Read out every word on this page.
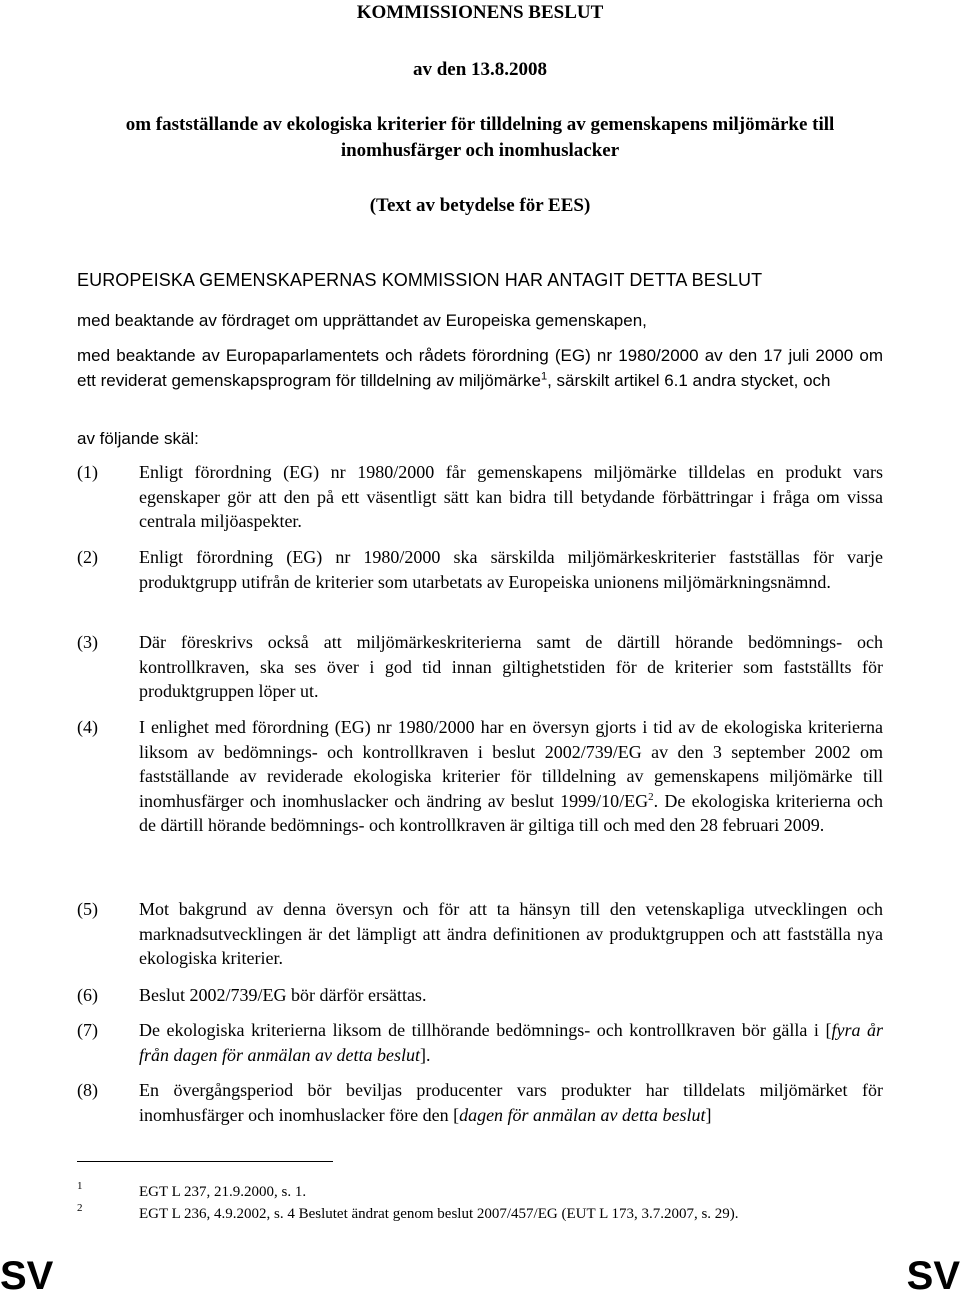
KOMMISSIONENS BESLUT
av den 13.8.2008
om fastställande av ekologiska kriterier för tilldelning av gemenskapens miljömärke till inomhusfärger och inomhuslacker
(Text av betydelse för EES)

EUROPEISKA GEMENSKAPERNAS KOMMISSION HAR ANTAGIT DETTA BESLUT

med beaktande av fördraget om upprättandet av Europeiska gemenskapen,

med beaktande av Europaparlamentets och rådets förordning (EG) nr 1980/2000 av den 17 juli 2000 om ett reviderat gemenskapsprogram för tilldelning av miljömärke$^1$, särskilt artikel 6.1 andra stycket, och

av följande skäl:

(1)	Enligt förordning (EG) nr 1980/2000 får gemenskapens miljömärke tilldelas en produkt vars egenskaper gör att den på ett väsentligt sätt kan bidra till betydande förbättringar i fråga om vissa centrala miljöaspekter.
(2)	Enligt förordning (EG) nr 1980/2000 ska särskilda miljömärkeskriterier fastställas för varje produktgrupp utifrån de kriterier som utarbetats av Europeiska unionens miljömärkningsnämnd.
(3)	Där föreskrivs också att miljömärkeskriterierna samt de därtill hörande bedömnings- och kontrollkraven, ska ses över i god tid innan giltighetstiden för de kriterier som fastställts för produktgruppen löper ut.
(4)	I enlighet med förordning (EG) nr 1980/2000 har en översyn gjorts i tid av de ekologiska kriterierna liksom av bedömnings- och kontrollkraven i beslut 2002/739/EG av den 3 september 2002 om fastställande av reviderade ekologiska kriterier för tilldelning av gemenskapens miljömärke till inomhusfärger och inomhuslacker och ändring av beslut $1999/10/EG^2$. De ekologiska kriterierna och de därtill hörande bedömnings- och kontrollkraven är giltiga till och med den 28 februari 2009.
(5)	Mot bakgrund av denna översyn och för att ta hänsyn till den vetenskapliga utvecklingen och marknadsutvecklingen är det lämpligt att ändra definitionen av produktgruppen och att fastställa nya ekologiska kriterier.
(6)	Beslut 2002/739/EG bör därför ersättas.
(7)	De ekologiska kriterierna liksom de tillhörande bedömnings- och kontrollkraven bör gälla i [fyra år från dagen för anmälan av detta beslut].
(8)	En övergångsperiod bör beviljas producenter vars produkter har tilldelats miljömärket för inomhusfärger och inomhuslacker före den [dagen för anmälan av detta beslut]
1	EGT L 237, 21.9.2000, s. 1.
2	EGT L 236, 4.9.2002, s. 4 Beslutet ändrat genom beslut 2007/457/EG (EUT L 173, 3.7.2007, s. 29).
SV	SV
